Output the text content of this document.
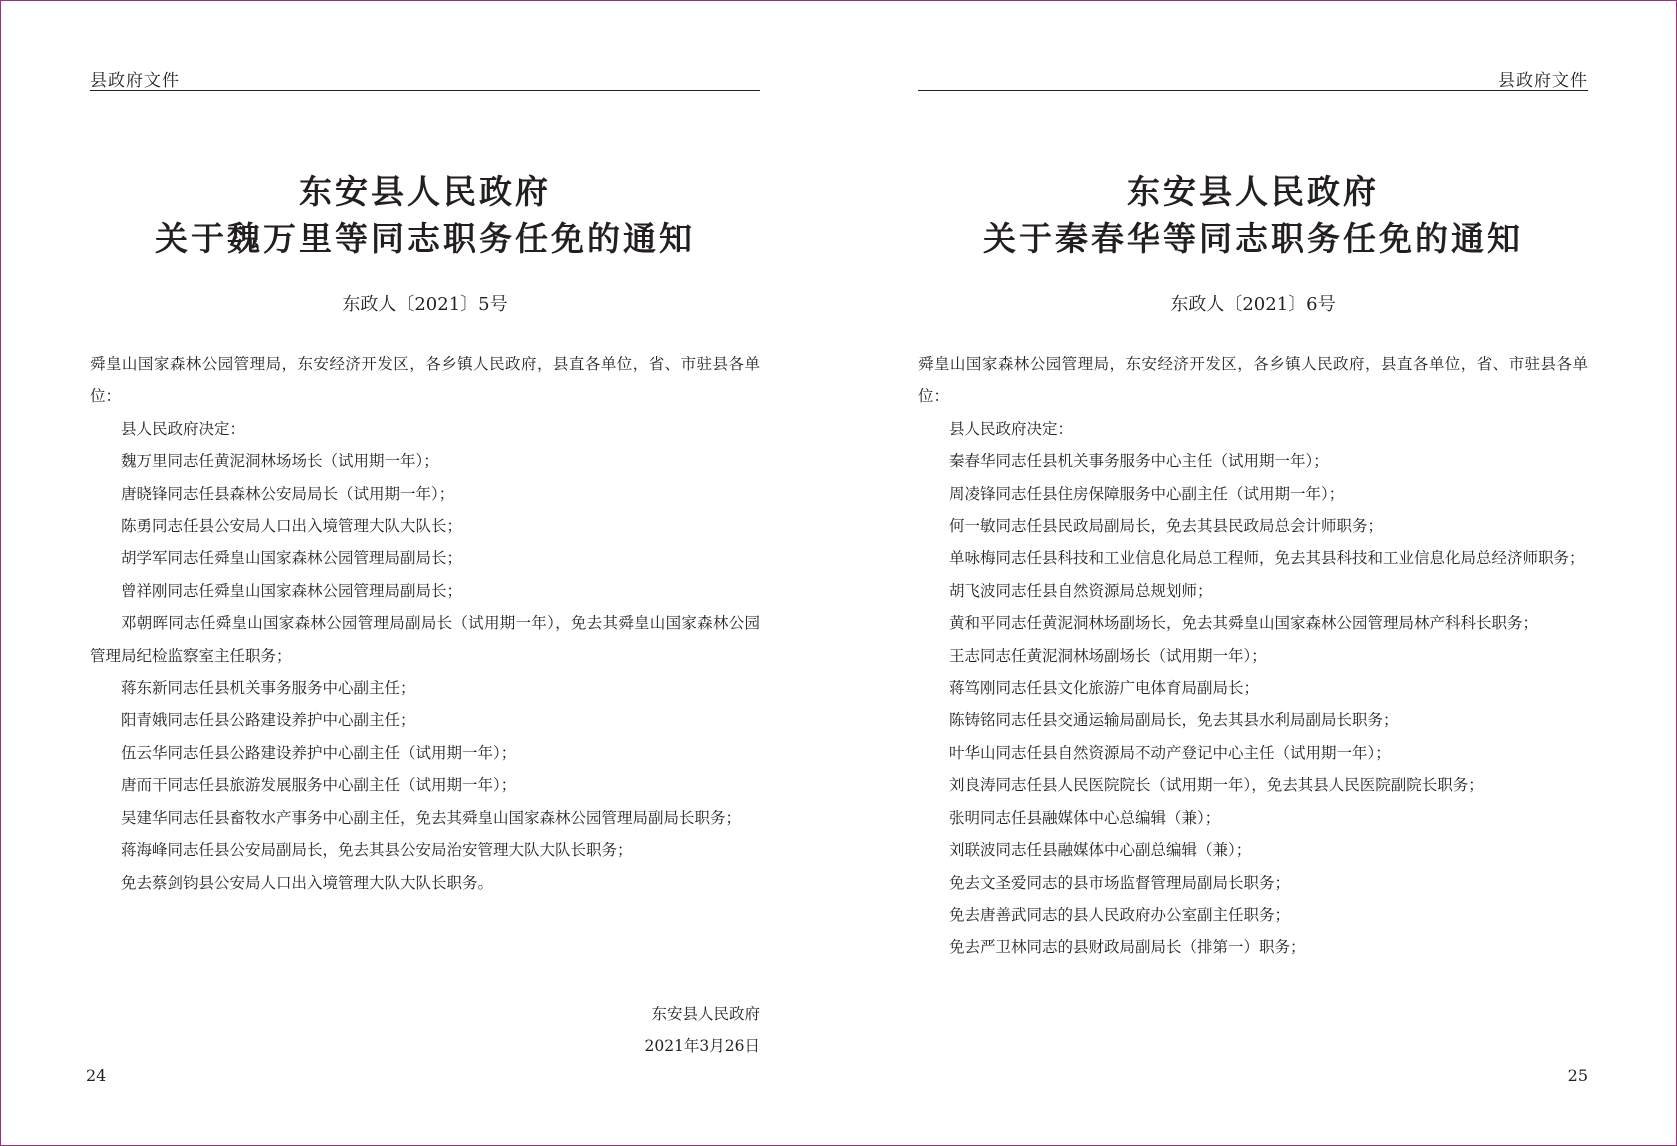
县政府文件
东安县人民政府
关于魏万里等同志职务任免的通知
东政人〔2021〕5号

舜皇山国家森林公园管理局，东安经济开发区，各乡镇人民政府，县直各单位，省、市驻县各单位：

县人民政府决定：

魏万里同志任黄泥洞林场场长（试用期一年）；

唐晓锋同志任县森林公安局局长（试用期一年）；

陈勇同志任县公安局人口出入境管理大队大队长；

胡学军同志任舜皇山国家森林公园管理局副局长；

曾祥刚同志任舜皇山国家森林公园管理局副局长；

邓朝晖同志任舜皇山国家森林公园管理局副局长（试用期一年），免去其舜皇山国家森林公园管理局纪检监察室主任职务；

蒋东新同志任县机关事务服务中心副主任；

阳青娥同志任县公路建设养护中心副主任；

伍云华同志任县公路建设养护中心副主任（试用期一年）；

唐而干同志任县旅游发展服务中心副主任（试用期一年）；

吴建华同志任县畜牧水产事务中心副主任，免去其舜皇山国家森林公园管理局副局长职务；

蒋海峰同志任县公安局副局长，免去其县公安局治安管理大队大队长职务；

免去蔡剑钧县公安局人口出入境管理大队大队长职务。

东安县人民政府
2021年3月26日
24
县政府文件
东安县人民政府
关于秦春华等同志职务任免的通知
东政人〔2021〕6号

舜皇山国家森林公园管理局，东安经济开发区，各乡镇人民政府，县直各单位，省、市驻县各单位：

县人民政府决定：

秦春华同志任县机关事务服务中心主任（试用期一年）；

周凌锋同志任县住房保障服务中心副主任（试用期一年）；

何一敏同志任县民政局副局长，免去其县民政局总会计师职务；

单咏梅同志任县科技和工业信息化局总工程师，免去其县科技和工业信息化局总经济师职务；

胡飞波同志任县自然资源局总规划师；

黄和平同志任黄泥洞林场副场长，免去其舜皇山国家森林公园管理局林产科科长职务；

王志同志任黄泥洞林场副场长（试用期一年）；

蒋笃刚同志任县文化旅游广电体育局副局长；

陈铸铭同志任县交通运输局副局长，免去其县水利局副局长职务；

叶华山同志任县自然资源局不动产登记中心主任（试用期一年）；

刘良涛同志任县人民医院院长（试用期一年），免去其县人民医院副院长职务；

张明同志任县融媒体中心总编辑（兼）；

刘联波同志任县融媒体中心副总编辑（兼）；

免去文圣爱同志的县市场监督管理局副局长职务；

免去唐善武同志的县人民政府办公室副主任职务；

免去严卫林同志的县财政局副局长（排第一）职务；

25
